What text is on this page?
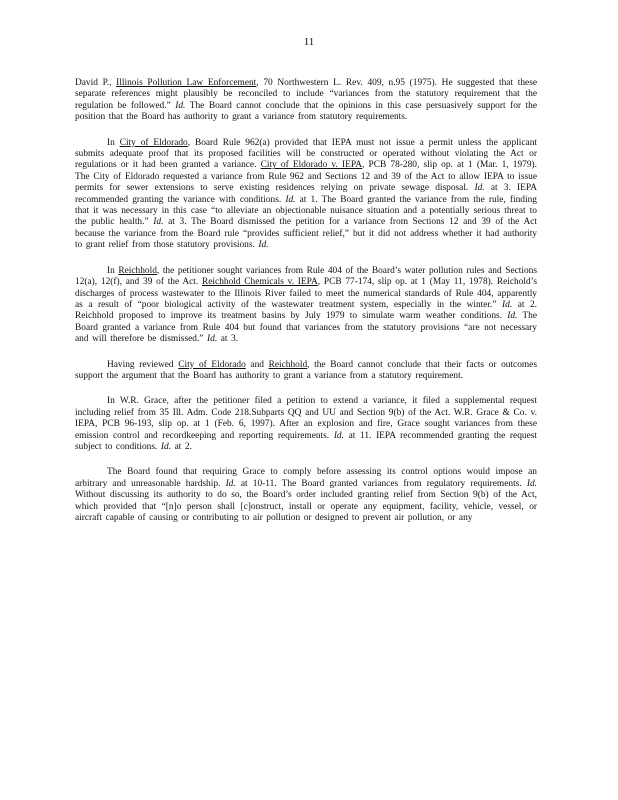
11

David P., Illinois Pollution Law Enforcement, 70 Northwestern L. Rev. 409, n.95 (1975). He suggested that these separate references might plausibly be reconciled to include “variances from the statutory requirement that the regulation be followed.” Id. The Board cannot conclude that the opinions in this case persuasively support for the position that the Board has authority to grant a variance from statutory requirements.

In City of Eldorado, Board Rule 962(a) provided that IEPA must not issue a permit unless the applicant submits adequate proof that its proposed facilities will be constructed or operated without violating the Act or regulations or it had been granted a variance. City of Eldorado v. IEPA, PCB 78-280, slip op. at 1 (Mar. 1, 1979). The City of Eldorado requested a variance from Rule 962 and Sections 12 and 39 of the Act to allow IEPA to issue permits for sewer extensions to serve existing residences relying on private sewage disposal. Id. at 3. IEPA recommended granting the variance with conditions. Id. at 1. The Board granted the variance from the rule, finding that it was necessary in this case “to alleviate an objectionable nuisance situation and a potentially serious threat to the public health.” Id. at 3. The Board dismissed the petition for a variance from Sections 12 and 39 of the Act because the variance from the Board rule “provides sufficient relief,” but it did not address whether it had authority to grant relief from those statutory provisions. Id.

In Reichhold, the petitioner sought variances from Rule 404 of the Board’s water pollution rules and Sections 12(a), 12(f), and 39 of the Act. Reichhold Chemicals v. IEPA, PCB 77-174, slip op. at 1 (May 11, 1978). Reichold’s discharges of process wastewater to the Illinois River failed to meet the numerical standards of Rule 404, apparently as a result of “poor biological activity of the wastewater treatment system, especially in the winter.” Id. at 2. Reichhold proposed to improve its treatment basins by July 1979 to simulate warm weather conditions. Id. The Board granted a variance from Rule 404 but found that variances from the statutory provisions “are not necessary and will therefore be dismissed.” Id. at 3.

Having reviewed City of Eldorado and Reichhold, the Board cannot conclude that their facts or outcomes support the argument that the Board has authority to grant a variance from a statutory requirement.

In W.R. Grace, after the petitioner filed a petition to extend a variance, it filed a supplemental request including relief from 35 Ill. Adm. Code 218.Subparts QQ and UU and Section 9(b) of the Act. W.R. Grace & Co. v. IEPA, PCB 96-193, slip op. at 1 (Feb. 6, 1997). After an explosion and fire, Grace sought variances from these emission control and recordkeeping and reporting requirements. Id. at 11. IEPA recommended granting the request subject to conditions. Id. at 2.

The Board found that requiring Grace to comply before assessing its control options would impose an arbitrary and unreasonable hardship. Id. at 10-11. The Board granted variances from regulatory requirements. Id. Without discussing its authority to do so, the Board’s order included granting relief from Section 9(b) of the Act, which provided that “[n]o person shall [c]onstruct, install or operate any equipment, facility, vehicle, vessel, or aircraft capable of causing or contributing to air pollution or designed to prevent air pollution, or any
